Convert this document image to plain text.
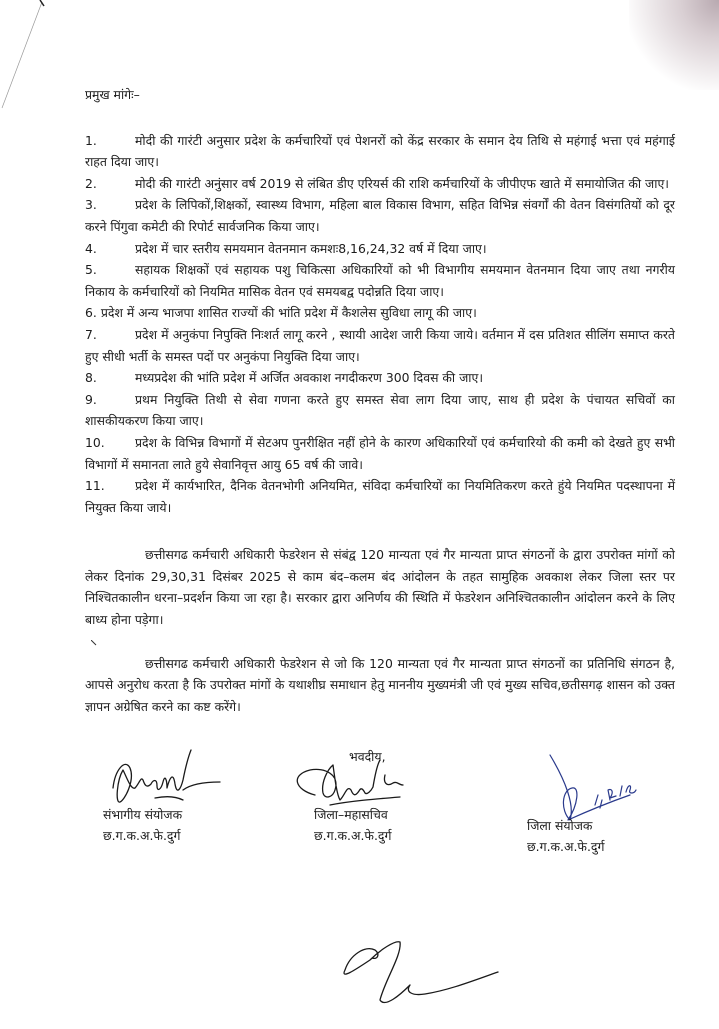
प्रमुख मांगेः–

1.	मोदी की गारंटी अनुसार प्रदेश के कर्मचारियों एवं पेशनरों को केंद्र सरकार के समान देय तिथि से महंगाई भत्ता एवं महंगाई राहत दिया जाए।

2.	मोदी की गारंटी अनुंसार वर्ष 2019 से लंबित डीए एरियर्स की राशि कर्मचारियों के जीपीएफ खाते में समायोजित की जाए।

3.	प्रदेश के लिपिकों,शिक्षकों, स्वास्थ्य विभाग, महिला बाल विकास विभाग, सहित विभिन्न संवर्गों की वेतन विसंगतियों को दूर करने पिंगुवा कमेटी की रिपोर्ट सार्वजनिक किया जाए।

4.	प्रदेश में चार स्तरीय समयमान वेतनमान कमशः8,16,24,32 वर्ष में दिया जाए।

5.	सहायक शिक्षकों एवं सहायक पशु चिकित्सा अधिकारियों को भी विभागीय समयमान वेतनमान दिया जाए तथा नगरीय निकाय के कर्मचारियों को नियमित मासिक वेतन एवं समयबद्व पदोन्नति दिया जाए।

6. प्रदेश में अन्य भाजपा शासित राज्यों की भांति प्रदेश में कैशलेस सुविधा लागू की जाए।

7.	प्रदेश में अनुकंपा निपुक्ति निःशर्त लागू करने , स्थायी आदेश जारी किया जाये। वर्तमान में दस प्रतिशत सीलिंग समाप्त करते हुए सीधी भर्ती के समस्त पदों पर अनुकंपा नियुक्ति दिया जाए।

8.	मध्यप्रदेश की भांति प्रदेश में अर्जित अवकाश नगदीकरण 300 दिवस की जाए।

9.	प्रथम नियुक्ति तिथी से सेवा गणना करते हुए समस्त सेवा लाग दिया जाए, साथ ही प्रदेश के पंचायत सचिवों का शासकीयकरण किया जाए।

10. प्रदेश के विभिन्न विभागों में सेटअप पुनरीक्षित नहीं होने के कारण अधिकारियों एवं कर्मचारियो की कमी को देखते हुए सभी विभागों में समानता लाते हुये सेवानिवृत्त आयु 65 वर्ष की जावे।

11. प्रदेश में कार्यभारित, दैनिक वेतनभोगी अनियमित, संविदा कर्मचारियों का नियमितिकरण करते हुंये नियमित पदस्थापना में नियुक्त किया जाये।

छत्तीसगढ कर्मचारी अधिकारी फेडरेशन से संबंद्व 120 मान्यता एवं गैर मान्यता प्राप्त संगठनों के द्वारा उपरोक्त मांगों को लेकर दिनांक 29,30,31 दिसंबर 2025 से काम बंद–कलम बंद आंदोलन के तहत सामुहिक अवकाश लेकर जिला स्तर पर निश्चितकालीन धरना–प्रदर्शन किया जा रहा है। सरकार द्वारा अनिर्णय की स्थिति में फेडरेशन अनिश्चितकालीन आंदोलन करने के लिए बाध्य होना पड़ेगा।

छत्तीसगढ कर्मचारी अधिकारी फेडरेशन से जो कि 120 मान्यता एवं गैर मान्यता प्राप्त संगठनों का प्रतिनिधि संगठन है, आपसे अनुरोध करता है कि उपरोक्त मांगों के यथाशीघ्र समाधान हेतु माननीय मुख्यमंत्री जी एवं मुख्य सचिव,छतीसगढ़ शासन को उक्त ज्ञापन अग्रेषित करने का कष्ट करेंगे।

भवदीय,
संभागीय संयोजक
छ.ग.क.अ.फे.दुर्ग
जिला–महासचिव
छ.ग.क.अ.फे.दुर्ग
जिला संयोजक
छ.ग.क.अ.फे.दुर्ग
